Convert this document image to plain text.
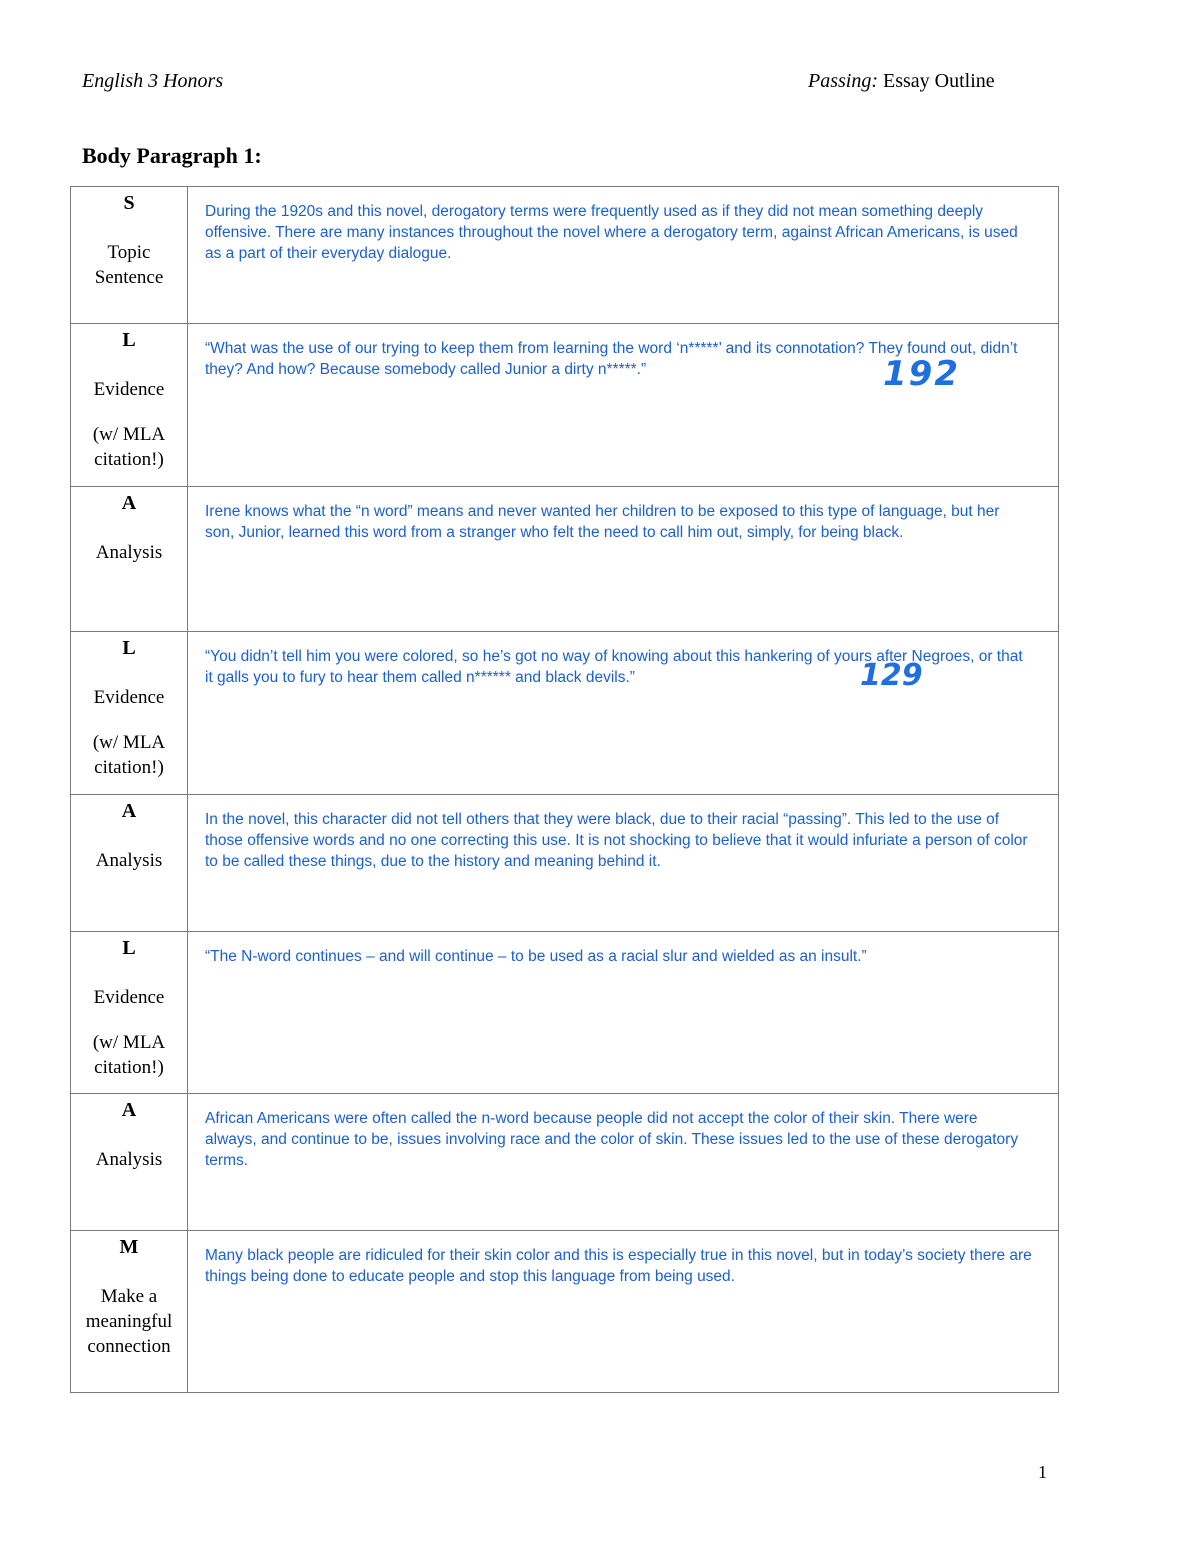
English 3 Honors	Passing: Essay Outline
Body Paragraph 1:
S
Topic Sentence	During the 1920s and this novel, derogatory terms were frequently used as if they did not mean something deeply offensive. There are many instances throughout the novel where a derogatory term, against African Americans, is used as a part of their everyday dialogue.

L
Evidence
(w/ MLA citation!)	“What was the use of our trying to keep them from learning the word ‘n*****’ and its connotation? They found out, didn’t they? And how? Because somebody called Junior a dirty n*****.” 192

A
Analysis	Irene knows what the “n word” means and never wanted her children to be exposed to this type of language, but her son, Junior, learned this word from a stranger who felt the need to call him out, simply, for being black.

L
Evidence
(w/ MLA citation!)	“You didn’t tell him you were colored, so he’s got no way of knowing about this hankering of yours after Negroes, or that it galls you to fury to hear them called n****** and black devils.” 129

A
Analysis	In the novel, this character did not tell others that they were black, due to their racial “passing”. This led to the use of those offensive words and no one correcting this use. It is not shocking to believe that it would infuriate a person of color to be called these things, due to the history and meaning behind it.

L
Evidence
(w/ MLA citation!)	“The N-word continues – and will continue – to be used as a racial slur and wielded as an insult.”

A
Analysis	African Americans were often called the n-word because people did not accept the color of their skin. There were always, and continue to be, issues involving race and the color of skin. These issues led to the use of these derogatory terms.

M
Make a meaningful connection	Many black people are ridiculed for their skin color and this is especially true in this novel, but in today’s society there are things being done to educate people and stop this language from being used.
1
